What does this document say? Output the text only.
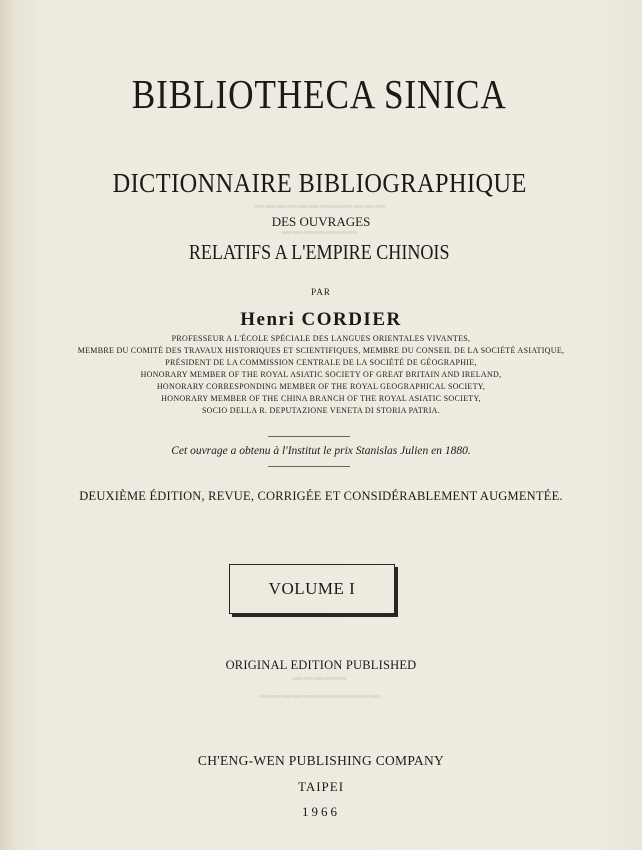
▬▬▬▬▬▬▬▬▬▬▬▬
▬▬▬▬▬▬▬
▬▬▬▬▬
▬▬▬▬▬▬▬▬▬▬▬
BIBLIOTHECA SINICA
DICTIONNAIRE BIBLIOGRAPHIQUE
DES OUVRAGES
RELATIFS A L'EMPIRE CHINOIS
PAR
Henri CORDIER
PROFESSEUR A L'ÉCOLE SPÉCIALE DES LANGUES ORIENTALES VIVANTES,
MEMBRE DU COMITÉ DES TRAVAUX HISTORIQUES ET SCIENTIFIQUES, MEMBRE DU CONSEIL DE LA SOCIÉTÉ ASIATIQUE,
PRÉSIDENT DE LA COMMISSION CENTRALE DE LA SOCIÉTÉ DE GÉOGRAPHIE,
HONORARY MEMBER OF THE ROYAL ASIATIC SOCIETY OF GREAT BRITAIN AND IRELAND,
HONORARY CORRESPONDING MEMBER OF THE ROYAL GEOGRAPHICAL SOCIETY,
HONORARY MEMBER OF THE CHINA BRANCH OF THE ROYAL ASIATIC SOCIETY,
SOCIO DELLA R. DEPUTAZIONE VENETA DI STORIA PATRIA.
Cet ouvrage a obtenu à l'Institut le prix Stanislas Julien en 1880.
DEUXIÈME ÉDITION, REVUE, CORRIGÉE ET CONSIDÉRABLEMENT AUGMENTÉE.
VOLUME I
ORIGINAL EDITION PUBLISHED
CH'ENG-WEN PUBLISHING COMPANY
TAIPEI
1966
